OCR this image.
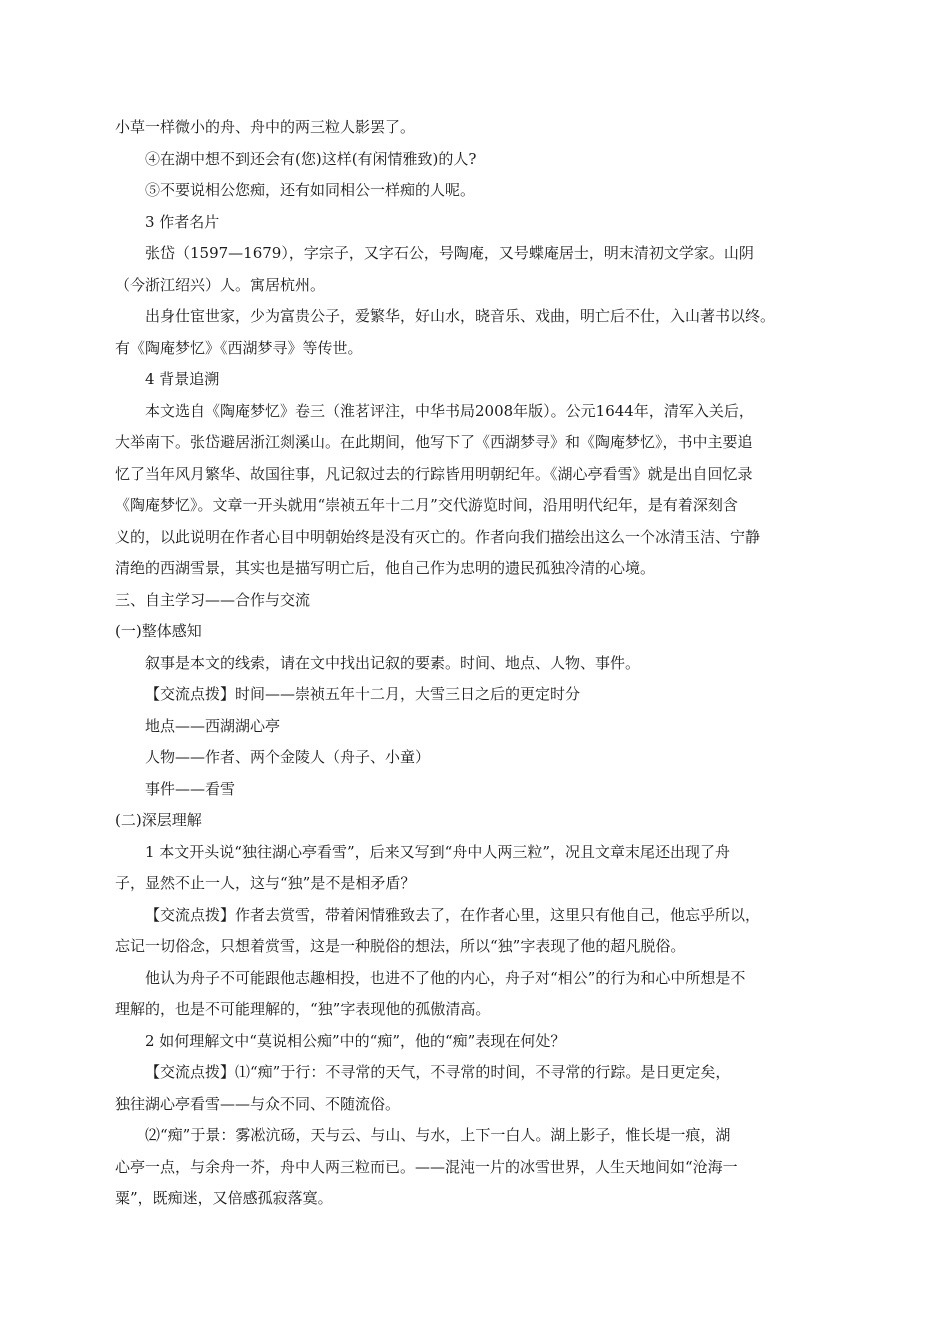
小草一样微小的舟、舟中的两三粒人影罢了。
④在湖中想不到还会有(您)这样(有闲情雅致)的人?
⑤不要说相公您痴，还有如同相公一样痴的人呢。
3 作者名片
张岱（1597—1679），字宗子，又字石公，号陶庵，又号蝶庵居士，明末清初文学家。山阴
（今浙江绍兴）人。寓居杭州。
出身仕宦世家，少为富贵公子，爱繁华，好山水，晓音乐、戏曲，明亡后不仕，入山著书以终。
有《陶庵梦忆》《西湖梦寻》等传世。
4 背景追溯
本文选自《陶庵梦忆》卷三（淮茗评注，中华书局2008年版）。公元1644年，清军入关后，
大举南下。张岱避居浙江剡溪山。在此期间，他写下了《西湖梦寻》和《陶庵梦忆》，书中主要追
忆了当年风月繁华、故国往事，凡记叙过去的行踪皆用明朝纪年。《湖心亭看雪》就是出自回忆录
《陶庵梦忆》。文章一开头就用“崇祯五年十二月”交代游览时间，沿用明代纪年，是有着深刻含
义的，以此说明在作者心目中明朝始终是没有灭亡的。作者向我们描绘出这么一个冰清玉洁、宁静
清绝的西湖雪景，其实也是描写明亡后，他自己作为忠明的遗民孤独冷清的心境。
三、自主学习——合作与交流
(一)整体感知
叙事是本文的线索，请在文中找出记叙的要素。时间、地点、人物、事件。
【交流点拨】时间——崇祯五年十二月，大雪三日之后的更定时分
地点——西湖湖心亭
人物——作者、两个金陵人（舟子、小童）
事件——看雪
(二)深层理解
1 本文开头说“独往湖心亭看雪”，后来又写到“舟中人两三粒”，况且文章末尾还出现了舟
子，显然不止一人，这与“独”是不是相矛盾？
【交流点拨】作者去赏雪，带着闲情雅致去了，在作者心里，这里只有他自己，他忘乎所以，
忘记一切俗念，只想着赏雪，这是一种脱俗的想法，所以“独”字表现了他的超凡脱俗。
他认为舟子不可能跟他志趣相投，也进不了他的内心，舟子对“相公”的行为和心中所想是不
理解的，也是不可能理解的，“独”字表现他的孤傲清高。
2 如何理解文中“莫说相公痴”中的“痴”，他的“痴”表现在何处？
【交流点拨】⑴“痴”于行：不寻常的天气，不寻常的时间，不寻常的行踪。是日更定矣，
独往湖心亭看雪——与众不同、不随流俗。
⑵“痴”于景：雾凇沆砀，天与云、与山、与水，上下一白人。湖上影子，惟长堤一痕，湖
心亭一点，与余舟一芥，舟中人两三粒而已。——混沌一片的冰雪世界，人生天地间如“沧海一
粟”，既痴迷，又倍感孤寂落寞。
